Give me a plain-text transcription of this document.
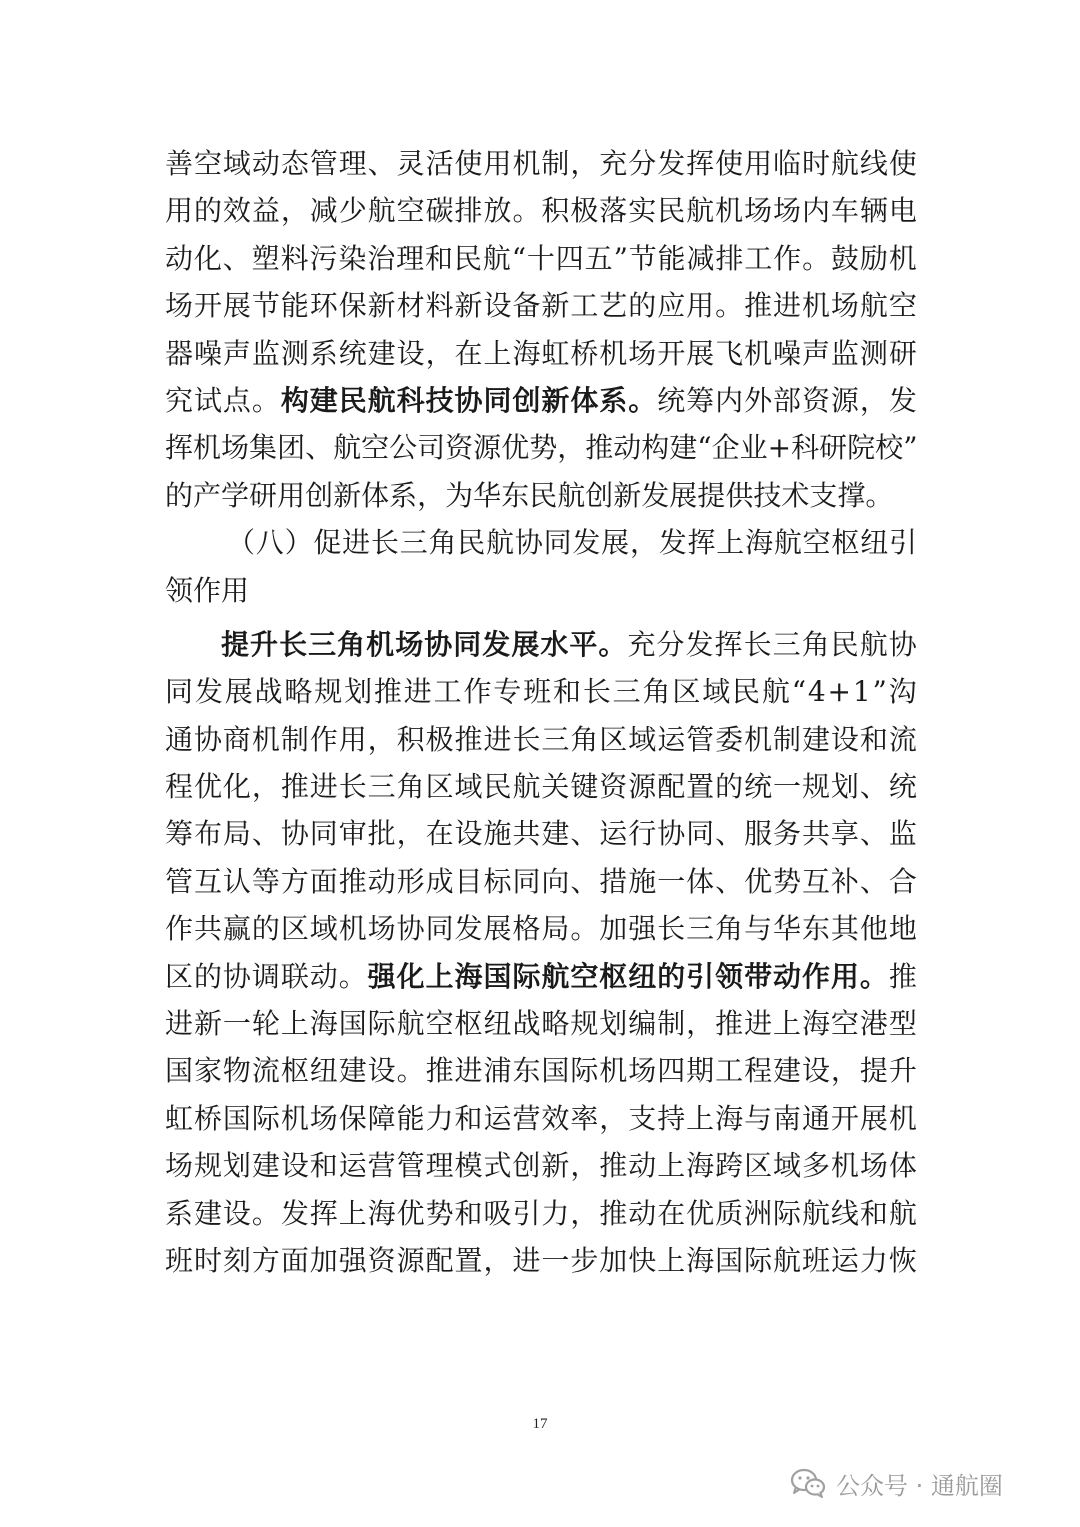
善 空 域 动 态 管 理 、 灵 活 使 用 机 制 ， 充 分 发 挥 使 用 临 时 航 线 使
用 的 效 益 ， 减 少 航 空 碳 排 放 。 积 极 落 实 民 航 机 场 场 内 车 辆 电
动 化 、 塑 料 污 染 治 理 和 民 航 “ 十 四 五 ” 节 能 减 排 工 作 。 鼓 励 机
场 开 展 节 能 环 保 新 材 料 新 设 备 新 工 艺 的 应 用 。 推 进 机 场 航 空
器 噪 声 监 测 系 统 建 设 ， 在 上 海 虹 桥 机 场 开 展 飞 机 噪 声 监 测 研
究 试 点 。 构 建 民 航 科 技 协 同 创 新 体 系 。 统 筹 内 外 部 资 源 ， 发
挥 机 场 集 团 、 航 空 公 司 资 源 优 势 ， 推 动 构 建 “ 企 业 + 科 研 院 校 ”
的 产 学 研 用 创 新 体 系 ， 为 华 东 民 航 创 新 发 展 提 供 技 术 支 撑 。
（ 八 ） 促 进 长 三 角 民 航 协 同 发 展 ， 发 挥 上 海 航 空 枢 纽 引
领 作 用
提 升 长 三 角 机 场 协 同 发 展 水 平 。 充 分 发 挥 长 三 角 民 航 协
同 发 展 战 略 规 划 推 进 工 作 专 班 和 长 三 角 区 域 民 航 “ 4 + 1 ” 沟
通 协 商 机 制 作 用 ， 积 极 推 进 长 三 角 区 域 运 管 委 机 制 建 设 和 流
程 优 化 ， 推 进 长 三 角 区 域 民 航 关 键 资 源 配 置 的 统 一 规 划 、 统
筹 布 局 、 协 同 审 批 ， 在 设 施 共 建 、 运 行 协 同 、 服 务 共 享 、 监
管 互 认 等 方 面 推 动 形 成 目 标 同 向 、 措 施 一 体 、 优 势 互 补 、 合
作 共 赢 的 区 域 机 场 协 同 发 展 格 局 。 加 强 长 三 角 与 华 东 其 他 地
区 的 协 调 联 动 。 强 化 上 海 国 际 航 空 枢 纽 的 引 领 带 动 作 用 。 推
进 新 一 轮 上 海 国 际 航 空 枢 纽 战 略 规 划 编 制 ， 推 进 上 海 空 港 型
国 家 物 流 枢 纽 建 设 。 推 进 浦 东 国 际 机 场 四 期 工 程 建 设 ， 提 升
虹 桥 国 际 机 场 保 障 能 力 和 运 营 效 率 ， 支 持 上 海 与 南 通 开 展 机
场 规 划 建 设 和 运 营 管 理 模 式 创 新 ， 推 动 上 海 跨 区 域 多 机 场 体
系 建 设 。 发 挥 上 海 优 势 和 吸 引 力 ， 推 动 在 优 质 洲 际 航 线 和 航
班 时 刻 方 面 加 强 资 源 配 置 ， 进 一 步 加 快 上 海 国 际 航 班 运 力 恢
17
公众号 · 通航圈
